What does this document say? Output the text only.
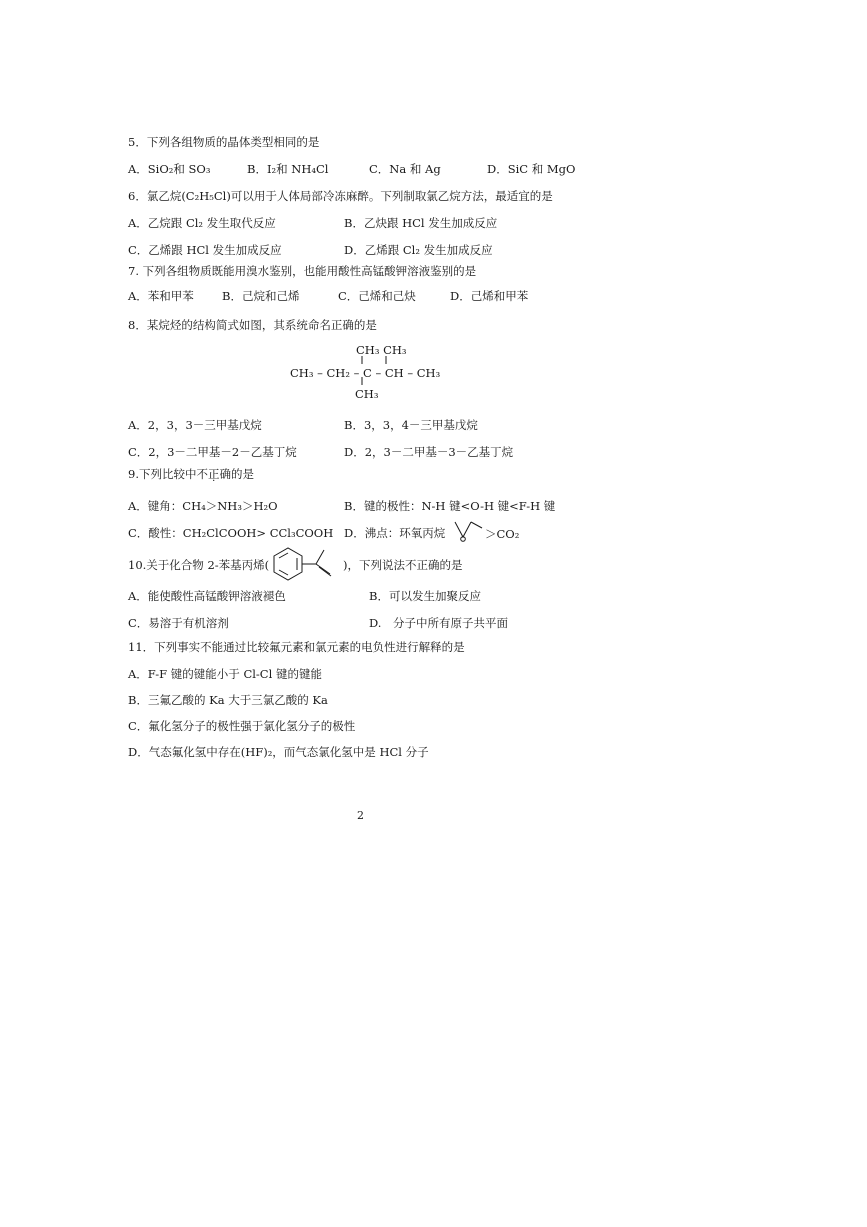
5．下列各组物质的晶体类型相同的是
A．SiO₂和 SO₃	B．I₂和 NH₄Cl	C．Na 和 Ag	D．SiC 和 MgO
6．氯乙烷(C₂H₅Cl)可以用于人体局部冷冻麻醉。下列制取氯乙烷方法，最适宜的是
A．乙烷跟 Cl₂ 发生取代反应	B．乙炔跟 HCl 发生加成反应
C．乙烯跟 HCl 发生加成反应	D．乙烯跟 Cl₂ 发生加成反应
7. 下列各组物质既能用溴水鉴别，也能用酸性高锰酸钾溶液鉴别的是
A．苯和甲苯 B．己烷和己烯	C．己烯和己炔	D．己烯和甲苯
8．某烷烃的结构简式如图，其系统命名正确的是
CH₃ CH₃
CH₃ – CH₂ – C – CH – CH₃
CH₃
A．2，3，3－三甲基戊烷	B．3，3，4－三甲基戊烷
C．2，3－二甲基－2－乙基丁烷	D．2，3－二甲基－3－乙基丁烷
9.下列比较中不正确的是
A．键角：CH₄＞NH₃＞H₂O	B．键的极性：N-H 键<O-H 键<F-H 键
C．酸性：CH₂ClCOOH> CCl₃COOH D．沸点：环氧丙烷	＞CO₂
10.关于化合物 2-苯基丙烯(	)，下列说法不正确的是
A．能使酸性高锰酸钾溶液褪色	B．可以发生加聚反应
C．易溶于有机溶剂	D.　分子中所有原子共平面
11．下列事实不能通过比较氟元素和氯元素的电负性进行解释的是
A．F-F 键的键能小于 Cl-Cl 键的键能
B．三氟乙酸的 Ka 大于三氯乙酸的 Ka
C．氟化氢分子的极性强于氯化氢分子的极性
D．气态氟化氢中存在(HF)₂，而气态氯化氢中是 HCl 分子
2
